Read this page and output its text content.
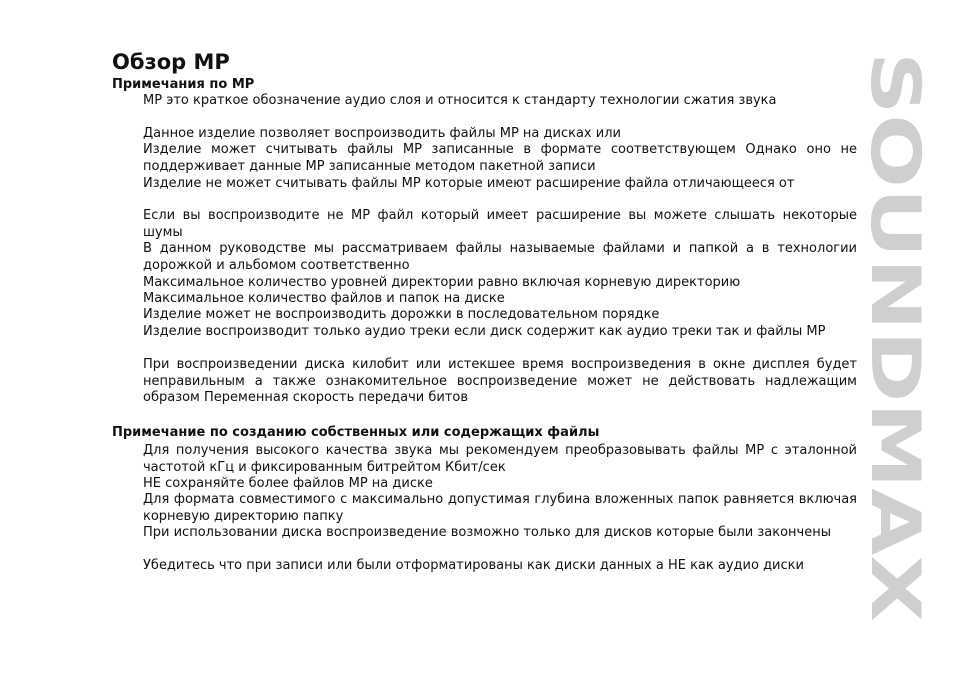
Обзор MP
Примечания по MP

MP это краткое обозначение аудио слоя и относится к стандарту технологии сжатия звука

Данное изделие позволяет воспроизводить файлы MP на дисках или

Изделие может считывать файлы MP записанные в формате соответствующем Однако оно не поддерживает данные MP записанные методом пакетной записи

Изделие не может считывать файлы MP которые имеют расширение файла отличающееся от

Если вы воспроизводите не MP файл который имеет расширение вы можете слышать некоторые шумы

В данном руководстве мы рассматриваем файлы называемые файлами и папкой а в технологии дорожкой и альбомом соответственно

Максимальное количество уровней директории равно включая корневую директорию

Максимальное количество файлов и папок на диске

Изделие может не воспроизводить дорожки в последовательном порядке

Изделие воспроизводит только аудио треки если диск содержит как аудио треки так и файлы MP

При воспроизведении диска килобит или истекшее время воспроизведения в окне дисплея будет неправильным а также ознакомительное воспроизведение может не действовать надлежащим образом Переменная скорость передачи битов

Примечание по созданию собственных или содержащих файлы

Для получения высокого качества звука мы рекомендуем преобразовывать файлы MP с эталонной частотой кГц и фиксированным битрейтом Кбит/сек

НЕ сохраняйте более файлов MP на диске

Для формата совместимого с максимально допустимая глубина вложенных папок равняется включая корневую директорию папку

При использовании диска воспроизведение возможно только для дисков которые были закончены

Убедитесь что при записи или были отформатированы как диски данных а НЕ как аудио диски

SOUNDMAX
